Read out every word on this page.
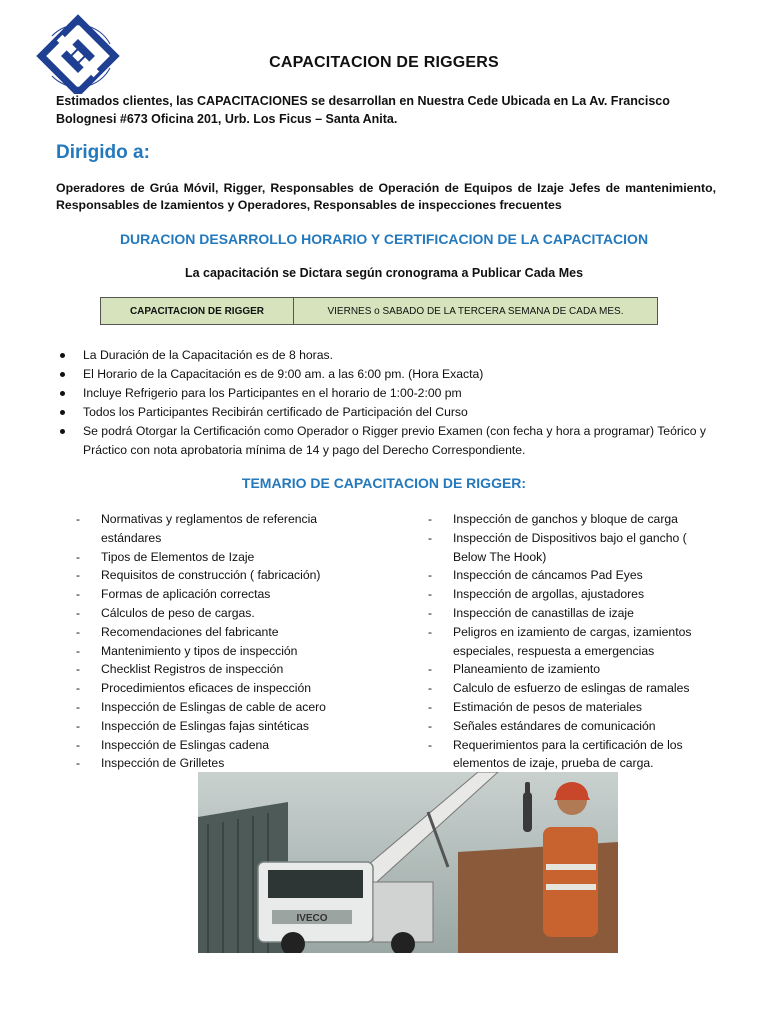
CAPACITACION DE RIGGERS
Estimados clientes, las CAPACITACIONES se desarrollan en Nuestra Cede Ubicada en La Av. Francisco Bolognesi #673 Oficina 201, Urb. Los Ficus – Santa Anita.
Dirigido a:
Operadores de Grúa Móvil, Rigger, Responsables de Operación de Equipos de Izaje Jefes de mantenimiento, Responsables de Izamientos y Operadores, Responsables de inspecciones frecuentes
DURACION DESARROLLO HORARIO Y CERTIFICACION DE LA CAPACITACION
La capacitación se Dictara según cronograma a Publicar Cada Mes
CAPACITACION DE RIGGER	VIERNES o SABADO DE LA TERCERA SEMANA DE CADA MES.
La Duración de la Capacitación es de 8 horas.
El Horario de la Capacitación es de 9:00 am. a las 6:00 pm. (Hora Exacta)
Incluye Refrigerio para los Participantes en el horario de 1:00-2:00 pm
Todos los Participantes Recibirán certificado de Participación del Curso
Se podrá Otorgar la Certificación como Operador o Rigger previo Examen (con fecha y hora a programar) Teórico y Práctico con nota aprobatoria mínima de 14 y pago del Derecho Correspondiente.
TEMARIO DE CAPACITACION DE RIGGER:
- Normativas y reglamentos de referencia estándares
- Tipos de Elementos de Izaje
- Requisitos de construcción ( fabricación)
- Formas de aplicación correctas
- Cálculos de peso de cargas.
- Recomendaciones del fabricante
- Mantenimiento y tipos de inspección
- Checklist Registros de inspección
- Procedimientos eficaces de inspección
- Inspección de Eslingas de cable de acero
- Inspección de Eslingas fajas sintéticas
- Inspección de Eslingas cadena
- Inspección de Grilletes
- Inspección de ganchos y bloque de carga
- Inspección de Dispositivos bajo el gancho ( Below The Hook)
- Inspección de cáncamos Pad Eyes
- Inspección de argollas, ajustadores
- Inspección de canastillas de izaje
- Peligros en izamiento de cargas, izamientos especiales, respuesta a emergencias
- Planeamiento de izamiento
- Calculo de esfuerzo de eslingas de ramales
- Estimación de pesos de materiales
- Señales estándares de comunicación
- Requerimientos para la certificación de los elementos de izaje, prueba de carga.
IVECO
